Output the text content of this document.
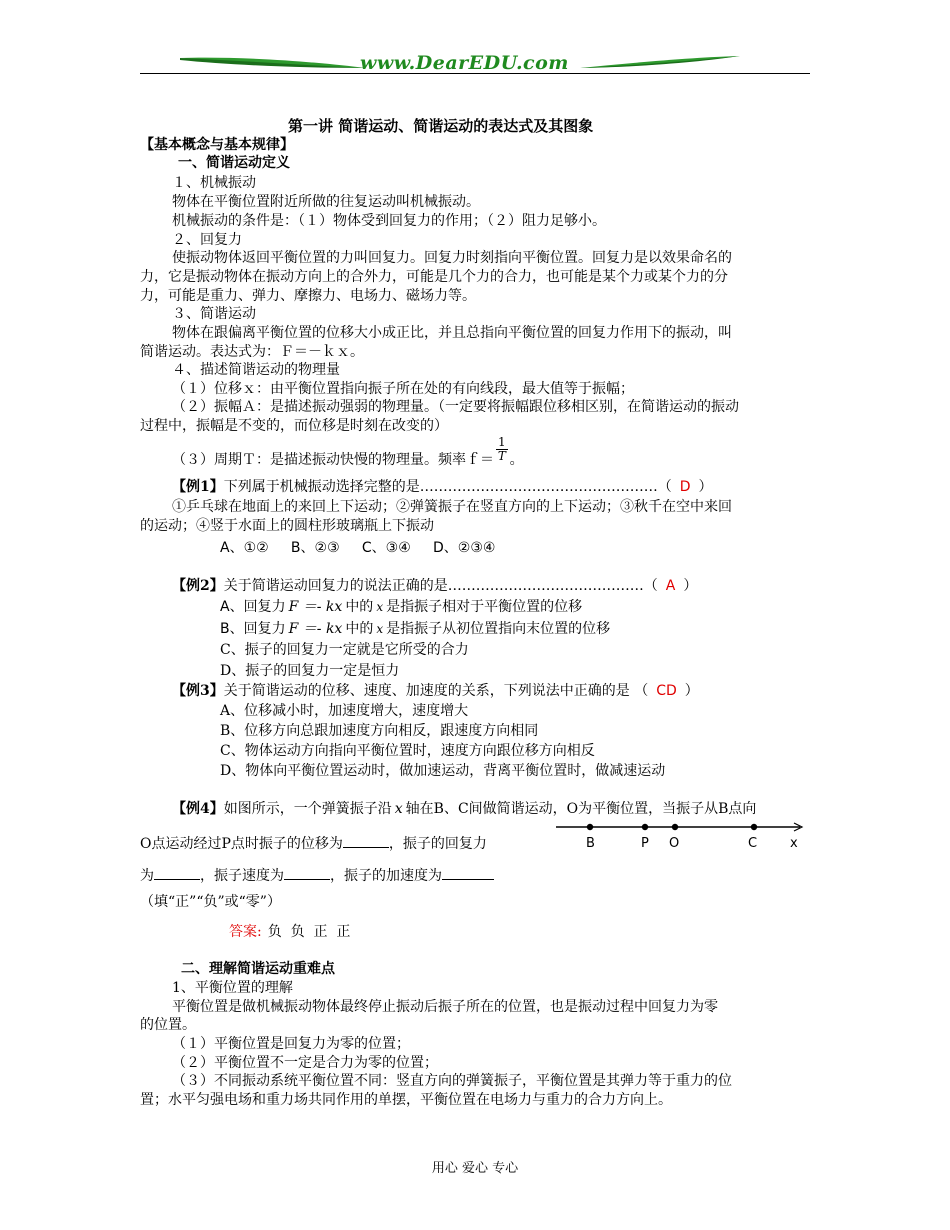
www.DearEDU.com
第一讲 简谐运动、简谐运动的表达式及其图象
【基本概念与基本规律】
一、简谐运动定义
１、机械振动
物体在平衡位置附近所做的往复运动叫机械振动。
机械振动的条件是：（１）物体受到回复力的作用；（２）阻力足够小。
２、回复力
使振动物体返回平衡位置的力叫回复力。回复力时刻指向平衡位置。回复力是以效果命名的
力，它是振动物体在振动方向上的合外力，可能是几个力的合力，也可能是某个力或某个力的分
力，可能是重力、弹力、摩擦力、电场力、磁场力等。
３、简谐运动
物体在跟偏离平衡位置的位移大小成正比，并且总指向平衡位置的回复力作用下的振动，叫
简谐运动。表达式为：Ｆ＝－ｋｘ。
４、描述简谐运动的物理量
（１）位移ｘ：由平衡位置指向振子所在处的有向线段，最大值等于振幅；
（２）振幅Ａ：是描述振动强弱的物理量。（一定要将振幅跟位移相区别，在简谐运动的振动
过程中，振幅是不变的，而位移是时刻在改变的）
（３）周期Ｔ：是描述振动快慢的物理量。频率ｆ＝ $\frac{1}{T}$ 。
【例1】下列属于机械振动选择完整的是……………………………………………（ D ）
①乒乓球在地面上的来回上下运动；②弹簧振子在竖直方向的上下运动；③秋千在空中来回
的运动；④竖于水面上的圆柱形玻璃瓶上下振动
A、①②     B、②③     C、③④     D、②③④
【例2】关于简谐运动回复力的说法正确的是……………………………………（ A ）
A、回复力 F ＝- kx 中的 x 是指振子相对于平衡位置的位移
B、回复力 F ＝- kx 中的 x 是指振子从初位置指向末位置的位移
C、振子的回复力一定就是它所受的合力
D、振子的回复力一定是恒力
【例3】关于简谐运动的位移、速度、加速度的关系，下列说法中正确的是 （ CD ）
A、位移减小时，加速度增大，速度增大
B、位移方向总跟加速度方向相反，跟速度方向相同
C、物体运动方向指向平衡位置时，速度方向跟位移方向相反
D、物体向平衡位置运动时，做加速运动，背离平衡位置时，做减速运动
【例4】如图所示，一个弹簧振子沿 x 轴在B、C间做简谐运动，O为平衡位置，当振子从B点向
O点运动经过P点时振子的位移为	，振子的回复力
为	，振子速度为	，振子的加速度为
（填“正”“负”或“零”）
答案: 负  负  正  正
B	P O	C	x
二、理解简谐运动重难点
1、平衡位置的理解
平衡位置是做机械振动物体最终停止振动后振子所在的位置，也是振动过程中回复力为零
的位置。
（１）平衡位置是回复力为零的位置；
（２）平衡位置不一定是合力为零的位置；
（３）不同振动系统平衡位置不同：竖直方向的弹簧振子，平衡位置是其弹力等于重力的位
置；水平匀强电场和重力场共同作用的单摆，平衡位置在电场力与重力的合力方向上。
用心 爱心 专心
